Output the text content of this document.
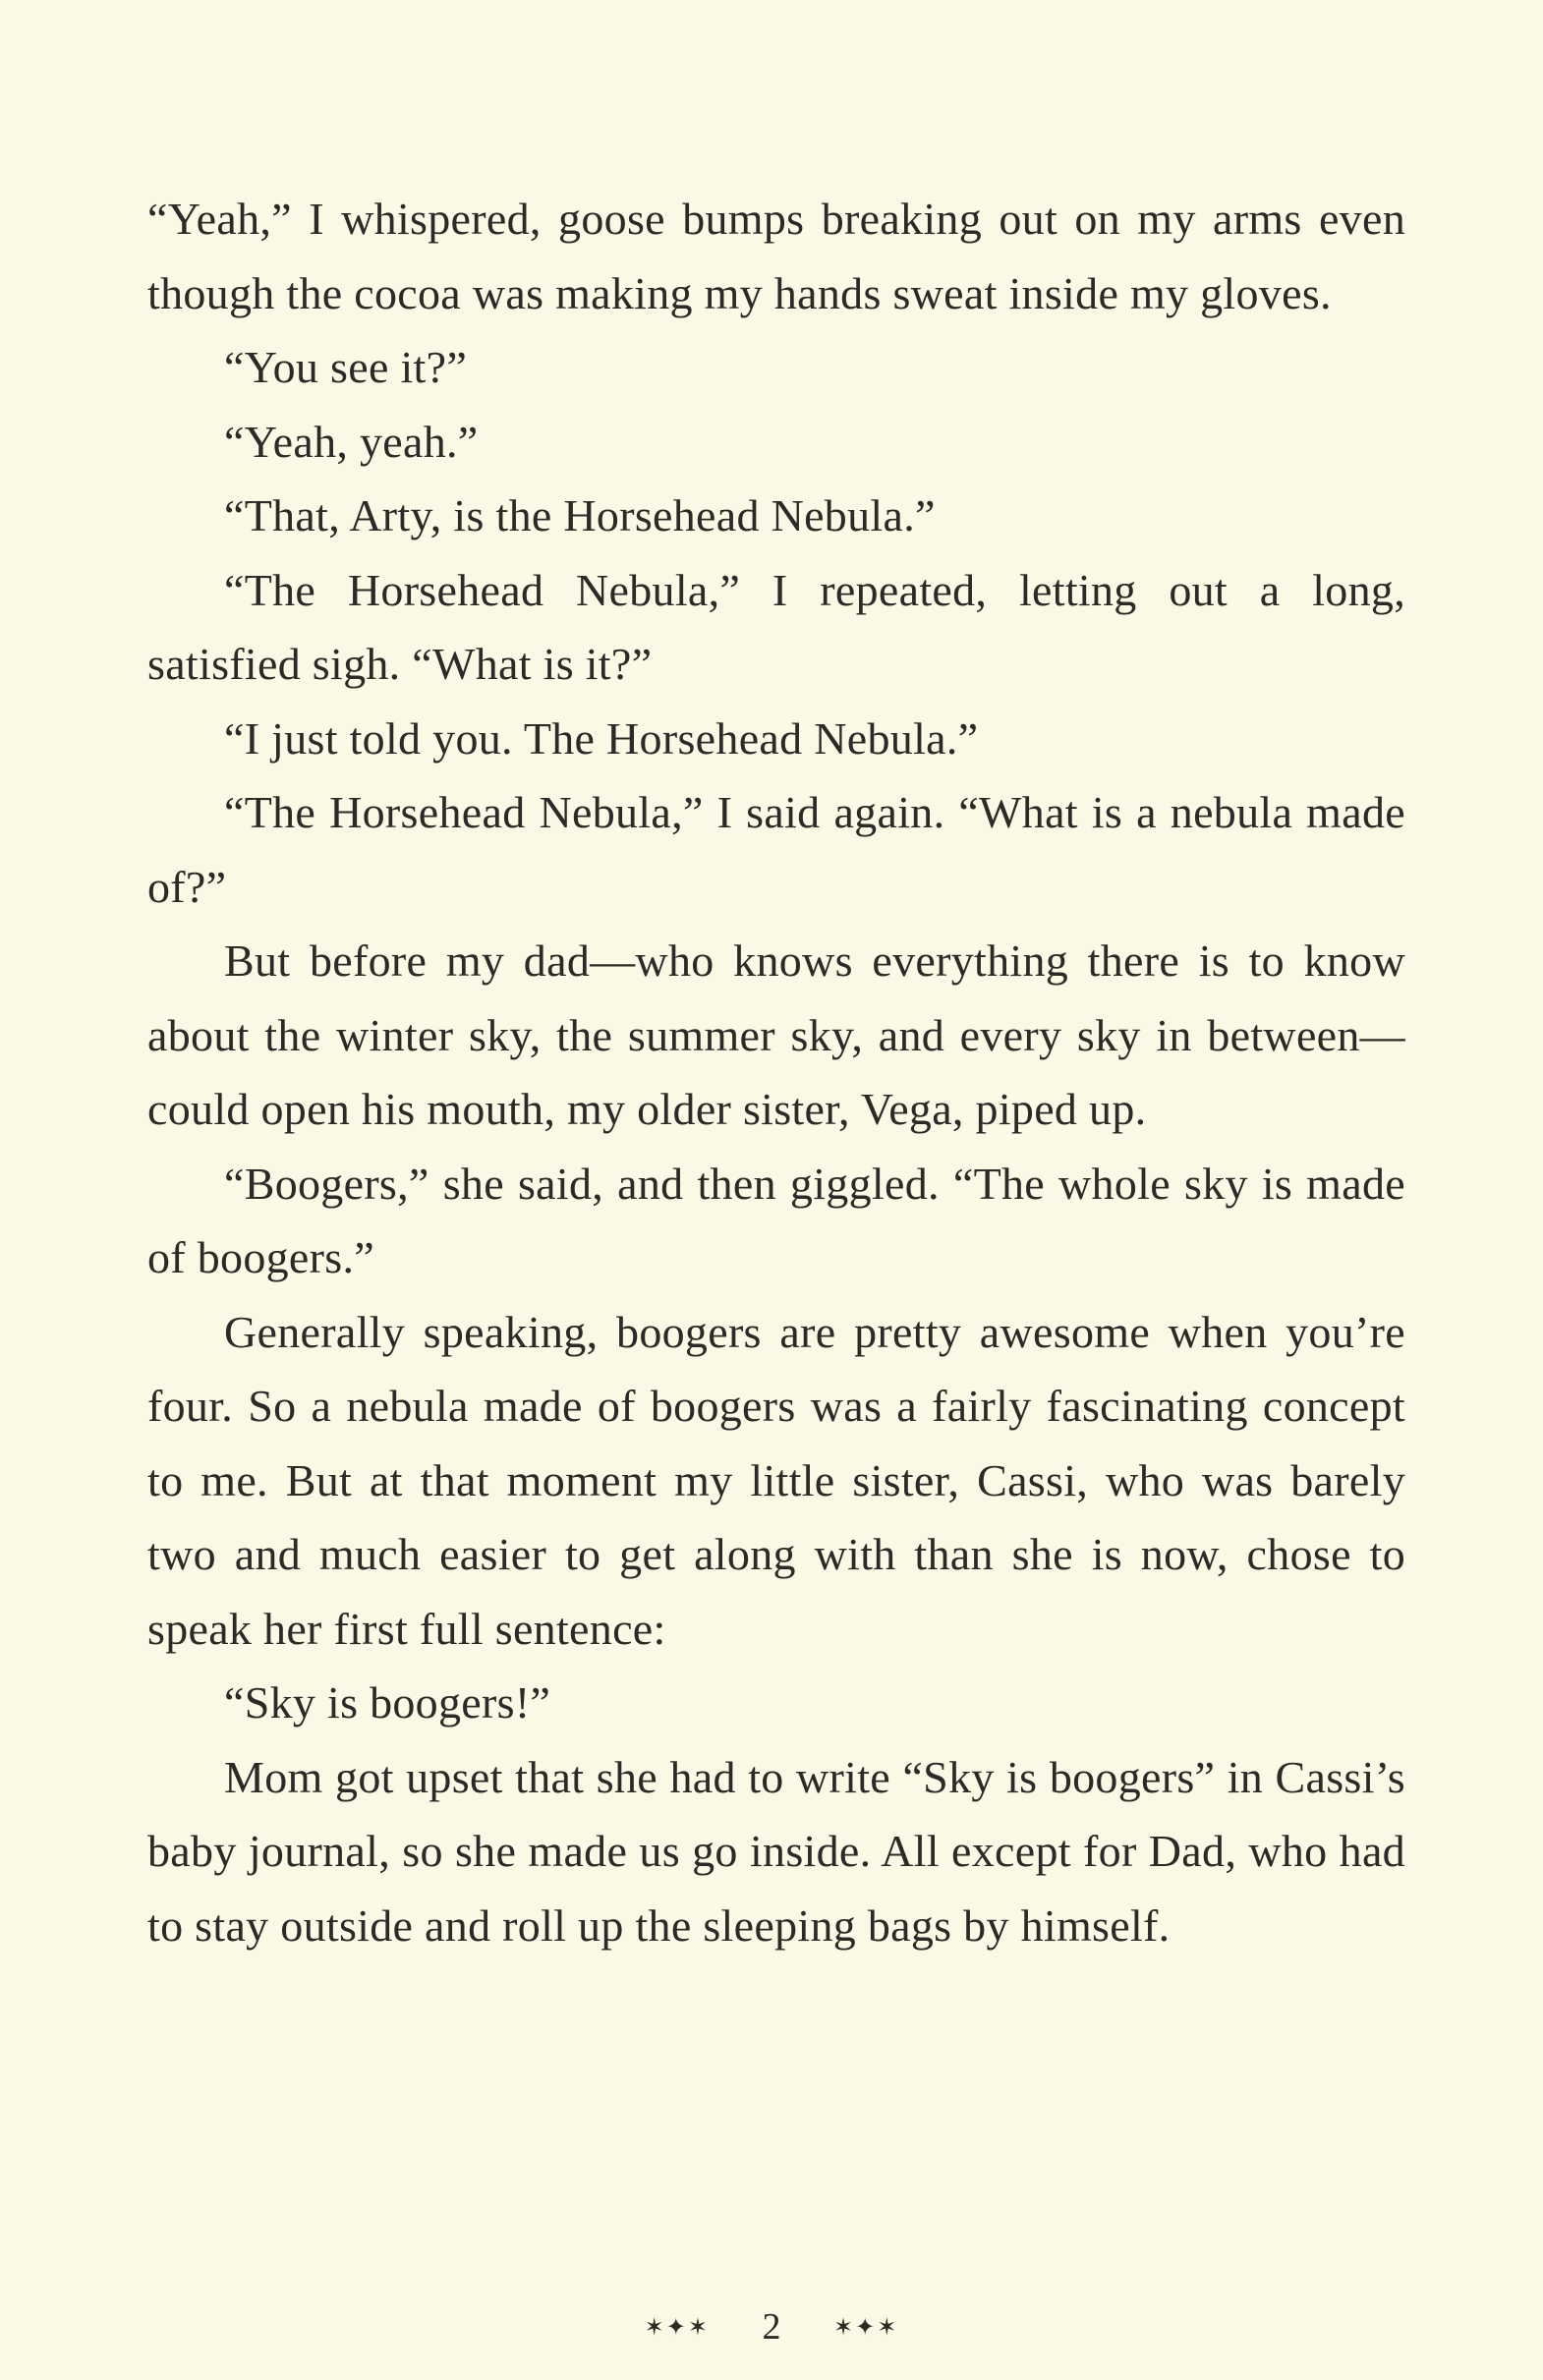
“Yeah,” I whispered, goose bumps breaking out on my arms even though the cocoa was making my hands sweat inside my gloves.

“You see it?”

“Yeah, yeah.”

“That, Arty, is the Horsehead Nebula.”

“The Horsehead Nebula,” I repeated, letting out a long, satisfied sigh. “What is it?”

“I just told you. The Horsehead Nebula.”

“The Horsehead Nebula,” I said again. “What is a nebula made of?”

But before my dad—who knows everything there is to know about the winter sky, the summer sky, and every sky in between—could open his mouth, my older sister, Vega, piped up.

“Boogers,” she said, and then giggled. “The whole sky is made of boogers.”

Generally speaking, boogers are pretty awesome when you’re four. So a nebula made of boogers was a fairly fascinating concept to me. But at that moment my little sister, Cassi, who was barely two and much easier to get along with than she is now, chose to speak her first full sentence:

“Sky is boogers!”

Mom got upset that she had to write “Sky is boogers” in Cassi’s baby journal, so she made us go inside. All except for Dad, who had to stay outside and roll up the sleeping bags by himself.

✶✦✶ 2 ✶✦✶
